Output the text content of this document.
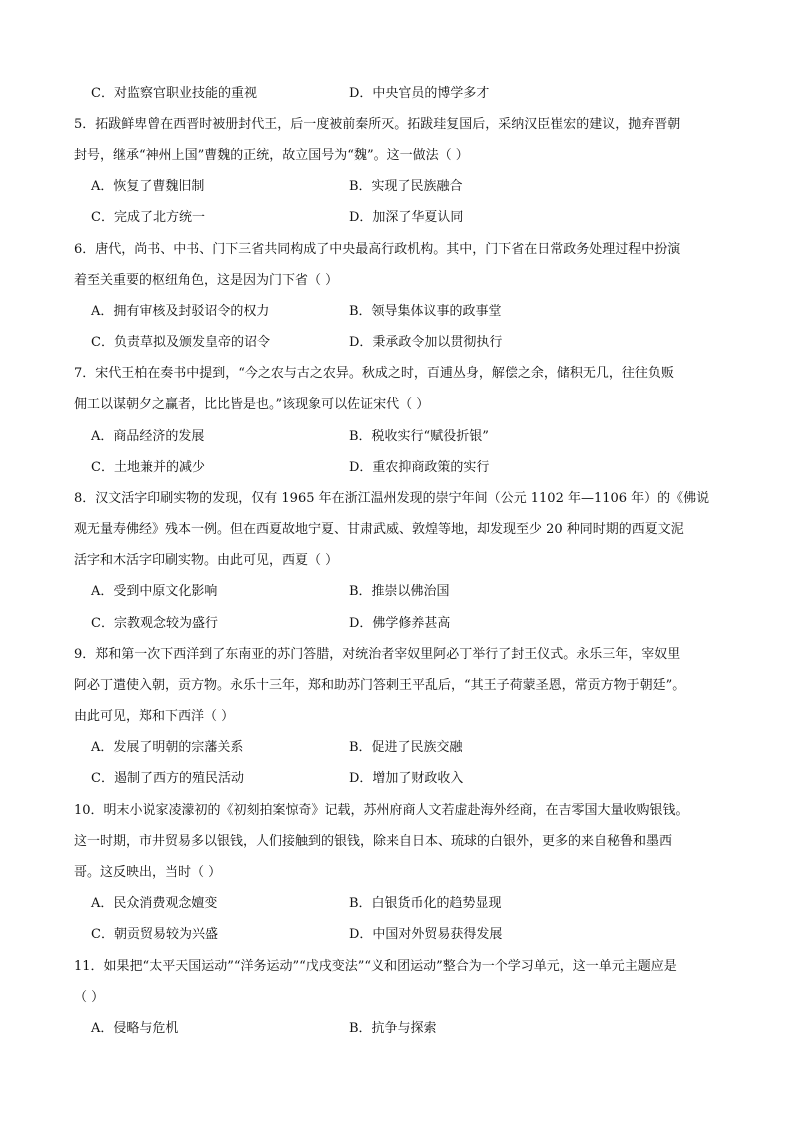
C．对监察官职业技能的重视	D．中央官员的博学多才
5．拓跋鲜卑曾在西晋时被册封代王，后一度被前秦所灭。拓跋珪复国后，采纳汉臣崔宏的建议，抛弃晋朝
封号，继承“神州上国”曹魏的正统，故立国号为“魏”。这一做法（ ）
A．恢复了曹魏旧制	B．实现了民族融合
C．完成了北方统一	D．加深了华夏认同
6．唐代，尚书、中书、门下三省共同构成了中央最高行政机构。其中，门下省在日常政务处理过程中扮演
着至关重要的枢纽角色，这是因为门下省（ ）
A．拥有审核及封驳诏令的权力	B．领导集体议事的政事堂
C．负责草拟及颁发皇帝的诏令	D．秉承政令加以贯彻执行
7．宋代王柏在奏书中提到，“今之农与古之农异。秋成之时，百逋丛身，解偿之余，储积无几，往往负贩
佣工以谋朝夕之赢者，比比皆是也。”该现象可以佐证宋代（ ）
A．商品经济的发展	B．税收实行“赋役折银”
C．土地兼并的减少	D．重农抑商政策的实行
8．汉文活字印刷实物的发现，仅有 1965 年在浙江温州发现的崇宁年间（公元 1102 年—1106 年）的《佛说
观无量寿佛经》残本一例。但在西夏故地宁夏、甘肃武威、敦煌等地，却发现至少 20 种同时期的西夏文泥
活字和木活字印刷实物。由此可见，西夏（ ）
A．受到中原文化影响	B．推崇以佛治国
C．宗教观念较为盛行	D．佛学修养甚高
9．郑和第一次下西洋到了东南亚的苏门答腊，对统治者宰奴里阿必丁举行了封王仪式。永乐三年，宰奴里
阿必丁遣使入朝，贡方物。永乐十三年，郑和助苏门答剌王平乱后，“其王子荷蒙圣恩，常贡方物于朝廷”。
由此可见，郑和下西洋（ ）
A．发展了明朝的宗藩关系	B．促进了民族交融
C．遏制了西方的殖民活动	D．增加了财政收入
10．明末小说家凌濛初的《初刻拍案惊奇》记载，苏州府商人文若虚赴海外经商，在吉零国大量收购银钱。
这一时期，市井贸易多以银钱，人们接触到的银钱，除来自日本、琉球的白银外，更多的来自秘鲁和墨西
哥。这反映出，当时（ ）
A．民众消费观念嬗变	B．白银货币化的趋势显现
C．朝贡贸易较为兴盛	D．中国对外贸易获得发展
11．如果把“太平天国运动”“洋务运动”“戊戌变法”“义和团运动”整合为一个学习单元，这一单元主题应是
（ ）
A．侵略与危机	B．抗争与探索
